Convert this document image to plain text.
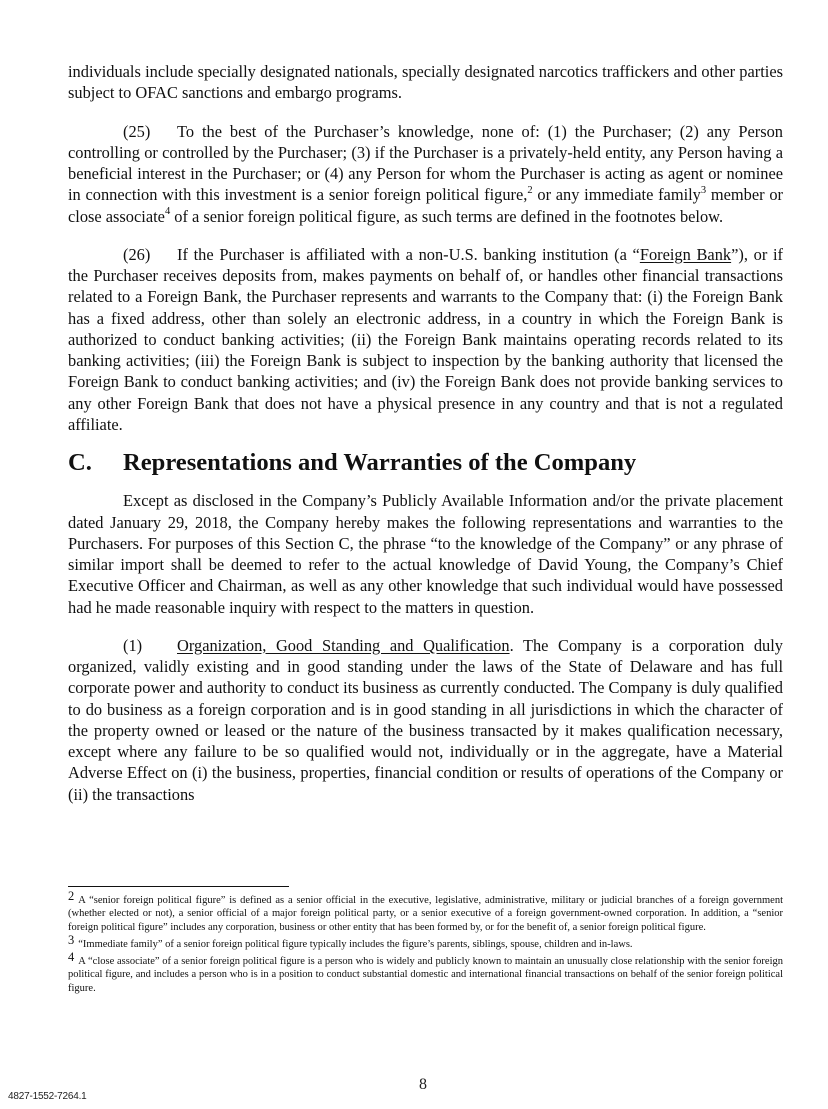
individuals include specially designated nationals, specially designated narcotics traffickers and other parties subject to OFAC sanctions and embargo programs.

(25) To the best of the Purchaser’s knowledge, none of: (1) the Purchaser; (2) any Person controlling or controlled by the Purchaser; (3) if the Purchaser is a privately-held entity, any Person having a beneficial interest in the Purchaser; or (4) any Person for whom the Purchaser is acting as agent or nominee in connection with this investment is a senior foreign political figure,$^2$ or any immediate family$^3$ member or close associate$^4$ of a senior foreign political figure, as such terms are defined in the footnotes below.

(26) If the Purchaser is affiliated with a non-U.S. banking institution (a “Foreign Bank”), or if the Purchaser receives deposits from, makes payments on behalf of, or handles other financial transactions related to a Foreign Bank, the Purchaser represents and warrants to the Company that: (i) the Foreign Bank has a fixed address, other than solely an electronic address, in a country in which the Foreign Bank is authorized to conduct banking activities; (ii) the Foreign Bank maintains operating records related to its banking activities; (iii) the Foreign Bank is subject to inspection by the banking authority that licensed the Foreign Bank to conduct banking activities; and (iv) the Foreign Bank does not provide banking services to any other Foreign Bank that does not have a physical presence in any country and that is not a regulated affiliate.

C.	Representations and Warranties of the Company

Except as disclosed in the Company’s Publicly Available Information and/or the private placement dated January 29, 2018, the Company hereby makes the following representations and warranties to the Purchasers. For purposes of this Section C, the phrase “to the knowledge of the Company” or any phrase of similar import shall be deemed to refer to the actual knowledge of David Young, the Company’s Chief Executive Officer and Chairman, as well as any other knowledge that such individual would have possessed had he made reasonable inquiry with respect to the matters in question.

(1) Organization, Good Standing and Qualification. The Company is a corporation duly organized, validly existing and in good standing under the laws of the State of Delaware and has full corporate power and authority to conduct its business as currently conducted. The Company is duly qualified to do business as a foreign corporation and is in good standing in all jurisdictions in which the character of the property owned or leased or the nature of the business transacted by it makes qualification necessary, except where any failure to be so qualified would not, individually or in the aggregate, have a Material Adverse Effect on (i) the business, properties, financial condition or results of operations of the Company or (ii) the transactions

2 A “senior foreign political figure” is defined as a senior official in the executive, legislative, administrative, military or judicial branches of a foreign government (whether elected or not), a senior official of a major foreign political party, or a senior executive of a foreign government-owned corporation. In addition, a “senior foreign political figure” includes any corporation, business or other entity that has been formed by, or for the benefit of, a senior foreign political figure.

3 “Immediate family” of a senior foreign political figure typically includes the figure’s parents, siblings, spouse, children and in-laws.

4 A “close associate” of a senior foreign political figure is a person who is widely and publicly known to maintain an unusually close relationship with the senior foreign political figure, and includes a person who is in a position to conduct substantial domestic and international financial transactions on behalf of the senior foreign political figure.

8
4827-1552-7264.1
